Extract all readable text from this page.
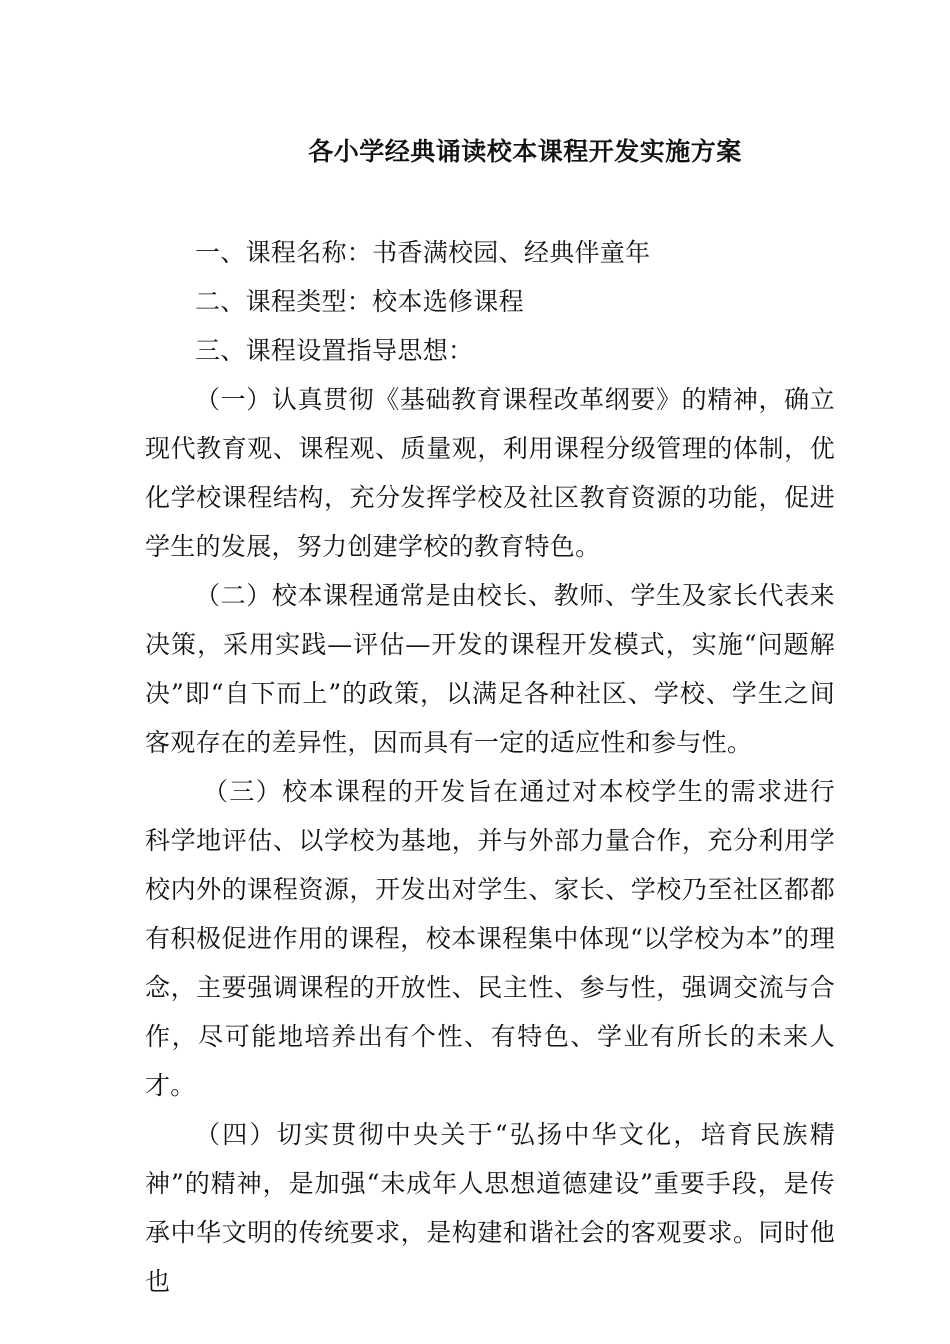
各小学经典诵读校本课程开发实施方案

一、课程名称：书香满校园、经典伴童年

二、课程类型：校本选修课程

三、课程设置指导思想：

（一）认真贯彻《基础教育课程改革纲要》的精神，确立现代教育观、课程观、质量观，利用课程分级管理的体制，优化学校课程结构，充分发挥学校及社区教育资源的功能，促进学生的发展，努力创建学校的教育特色。

（二）校本课程通常是由校长、教师、学生及家长代表来决策，采用实践—评估—开发的课程开发模式，实施“问题解决”即“自下而上”的政策，以满足各种社区、学校、学生之间客观存在的差异性，因而具有一定的适应性和参与性。

（三）校本课程的开发旨在通过对本校学生的需求进行科学地评估、以学校为基地，并与外部力量合作，充分利用学校内外的课程资源，开发出对学生、家长、学校乃至社区都都有积极促进作用的课程，校本课程集中体现“以学校为本”的理念，主要强调课程的开放性、民主性、参与性，强调交流与合作，尽可能地培养出有个性、有特色、学业有所长的未来人才。

（四）切实贯彻中央关于“弘扬中华文化，培育民族精神”的精神，是加强“未成年人思想道德建设”重要手段，是传承中华文明的传统要求，是构建和谐社会的客观要求。同时他也
